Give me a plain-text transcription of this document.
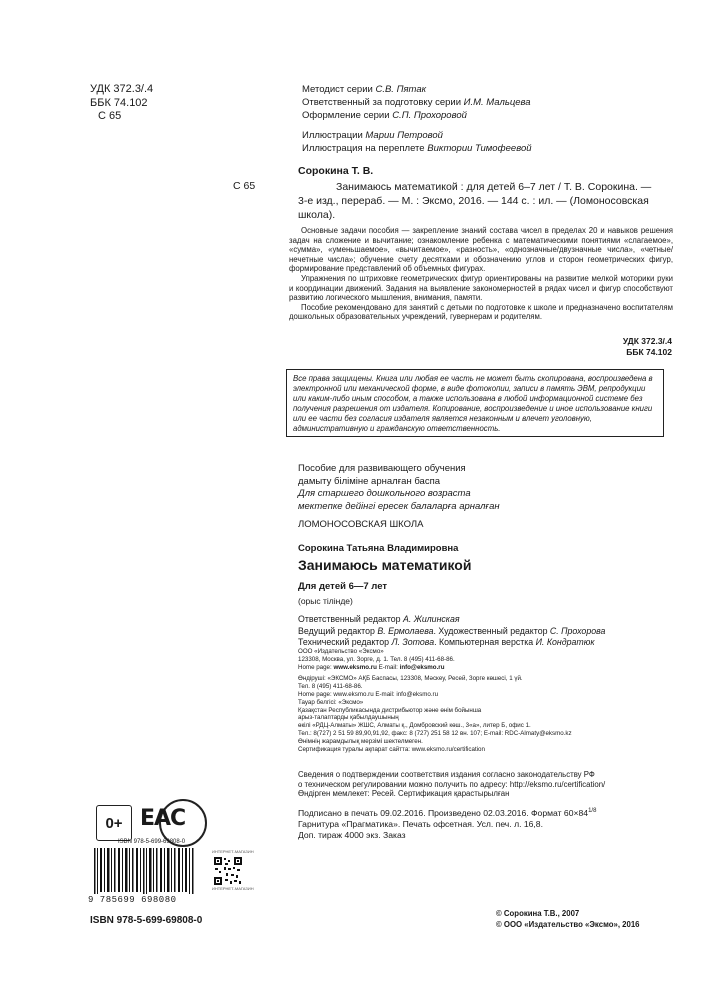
УДК 372.3/.4
ББК 74.102
С 65
Методист серии С.В. Пятак
Ответственный за подготовку серии И.М. Мальцева
Оформление серии С.П. Прохоровой
Иллюстрации Марии Петровой
Иллюстрация на переплете Виктории Тимофеевой
Сорокина Т. В.
С 65	Занимаюсь математикой : для детей 6–7 лет / Т. В. Сорокина. —
3-е изд., перераб. — М. : Эксмо, 2016. — 144 с. : ил. — (Ломоносовская
школа).

Основные задачи пособия — закрепление знаний состава чисел в пределах 20 и навыков решения задач на сложение и вычитание; ознакомление ребенка с математическими понятиями «слагаемое», «сумма», «уменьшаемое», «вычитаемое», «разность», «однозначные/двузначные числа», «четные/нечетные числа»; обучение счету десятками и обозначению углов и сторон геометрических фигур, формирование представлений об объемных фигурах.

Упражнения по штриховке геометрических фигур ориентированы на развитие мелкой моторики руки и координации движений. Задания на выявление закономерностей в рядах чисел и фигур способствуют развитию логического мышления, внимания, памяти.

Пособие рекомендовано для занятий с детьми по подготовке к школе и предназначено воспитателям дошкольных образовательных учреждений, гувернерам и родителям.

УДК 372.3/.4
ББК 74.102
Все права защищены. Книга или любая ее часть не может быть скопирована, воспроизведена в электронной или механической форме, в виде фотокопии, записи в память ЭВМ, репродукции или каким-либо иным способом, а также использована в любой информационной системе без получения разрешения от издателя. Копирование, воспроизведение и иное использование книги или ее части без согласия издателя является незаконным и влечет уголовную, административную и гражданскую ответственность.
Пособие для развивающего обучения
дамыту біліміне арналған баспа
Для старшего дошкольного возраста
мектепке дейінгі ересек балаларға арналған
ЛОМОНОСОВСКАЯ ШКОЛА
Сорокина Татьяна Владимировна
Занимаюсь математикой
Для детей 6—7 лет
(орыс тілінде)
Ответственный редактор А. Жилинская
Ведущий редактор В. Ермолаева. Художественный редактор С. Прохорова
Технический редактор Л. Зотова. Компьютерная верстка И. Кондратюк
ООО «Издательство «Эксмо»
123308, Москва, ул. Зорге, д. 1. Тел. 8 (495) 411-68-86.
Home page: www.eksmo.ru E-mail: info@eksmo.ru
Өндіруші: «ЭКСМО» АҚБ Баспасы, 123308, Мәскеу, Ресей, Зорге көшесі, 1 үй.
Тел. 8 (495) 411-68-86.
Home page: www.eksmo.ru E-mail: info@eksmo.ru
Тауар белгісі: «Эксмо»
Қазақстан Республикасында дистрибьютор және өнім бойынша
арыз-талаптарды қабылдаушының
өкілі «РДЦ-Алматы» ЖШС, Алматы қ., Домбровский көш., 3«а», литер Б, офис 1.
Тел.: 8(727) 2 51 59 89,90,91,92, факс: 8 (727) 251 58 12 вн. 107; E-mail: RDC-Almaty@eksmo.kz
Өнімнің жарамдылық мерзімі шектелмеген.
Сертификация туралы ақпарат сайтта: www.eksmo.ru/certification
Сведения о подтверждении соответствия издания согласно законодательству РФ
о техническом регулировании можно получить по адресу: http://eksmo.ru/certification/
Өндірген мемлекет: Ресей. Сертификация қарастырылған
Подписано в печать 09.02.2016. Произведено 02.03.2016. Формат $60\times 84^{1/8}$
Гарнитура «Прагматика». Печать офсетная. Усл. печ. л. 16,8.
Доп. тираж 4000 экз. Заказ
© Сорокина Т.В., 2007
© ООО «Издательство «Эксмо», 2016
0+ ЕАС
ISBN 978-5-699-69808-0
9 785699 698080
ИНТЕРНЕТ-МАГАЗИН
ИНТЕРНЕТ-МАГАЗИН
ISBN 978-5-699-69808-0
